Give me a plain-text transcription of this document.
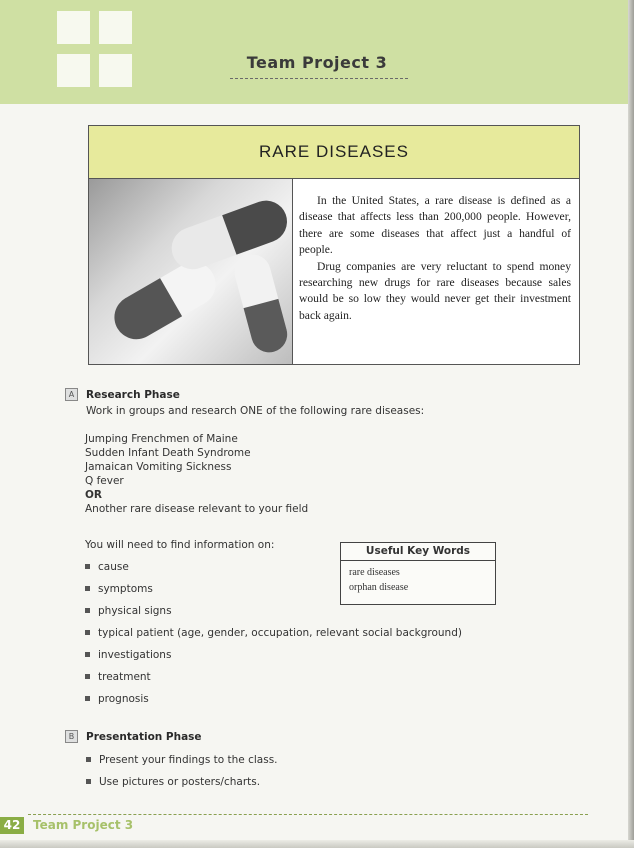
Team Project 3
RARE DISEASES

In the United States, a rare disease is defined as a disease that affects less than 200,000 people. However, there are some diseases that affect just a handful of people.

Drug companies are very reluctant to spend money researching new drugs for rare diseases because sales would be so low they would never get their investment back again.

A	Research Phase
Work in groups and research ONE of the following rare diseases:
Jumping Frenchmen of Maine
Sudden Infant Death Syndrome
Jamaican Vomiting Sickness
Q fever
OR
Another rare disease relevant to your field
You will need to find information on:
cause
symptoms
physical signs
typical patient (age, gender, occupation, relevant social background)
investigations
treatment
prognosis
Useful Key Words
rare diseases
orphan disease
B	Presentation Phase
Present your findings to the class.
Use pictures or posters/charts.
42	Team Project 3
